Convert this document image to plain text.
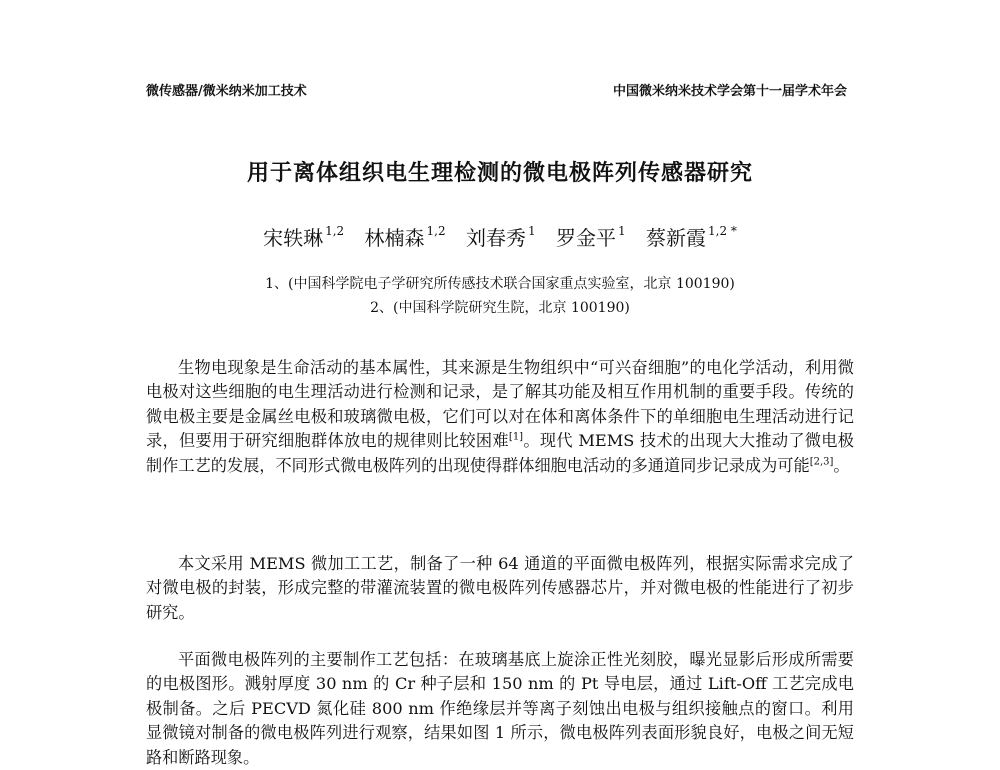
微传感器/微米纳米加工技术	中国微米纳米技术学会第十一届学术年会
用于离体组织电生理检测的微电极阵列传感器研究
宋轶琳 $^{1,2}$ 林楠森 $^{1,2}$ 刘春秀 $^1$ 罗金平 $^1$ 蔡新霞 $^{1,2 *}$
1、(中国科学院电子学研究所传感技术联合国家重点实验室，北京 100190)
2、(中国科学院研究生院，北京 100190)

生物电现象是生命活动的基本属性，其来源是生物组织中“可兴奋细胞”的电化学活动，利用微电极对这些细胞的电生理活动进行检测和记录，是了解其功能及相互作用机制的重要手段。传统的微电极主要是金属丝电极和玻璃微电极，它们可以对在体和离体条件下的单细胞电生理活动进行记录，但要用于研究细胞群体放电的规律则比较困难[1]。现代 MEMS 技术的出现大大推动了微电极制作工艺的发展，不同形式微电极阵列的出现使得群体细胞电活动的多通道同步记录成为可能[2,3]。

本文采用 MEMS 微加工工艺，制备了一种 64 通道的平面微电极阵列，根据实际需求完成了对微电极的封装，形成完整的带灌流装置的微电极阵列传感器芯片，并对微电极的性能进行了初步研究。

平面微电极阵列的主要制作工艺包括：在玻璃基底上旋涂正性光刻胶，曝光显影后形成所需要的电极图形。溅射厚度 30 nm 的 Cr 种子层和 150 nm 的 Pt 导电层，通过 Lift-Off 工艺完成电极制备。之后 PECVD 氮化硅 800 nm 作绝缘层并等离子刻蚀出电极与组织接触点的窗口。利用显微镜对制备的微电极阵列进行观察，结果如图 1 所示，微电极阵列表面形貌良好，电极之间无短路和断路现象。
